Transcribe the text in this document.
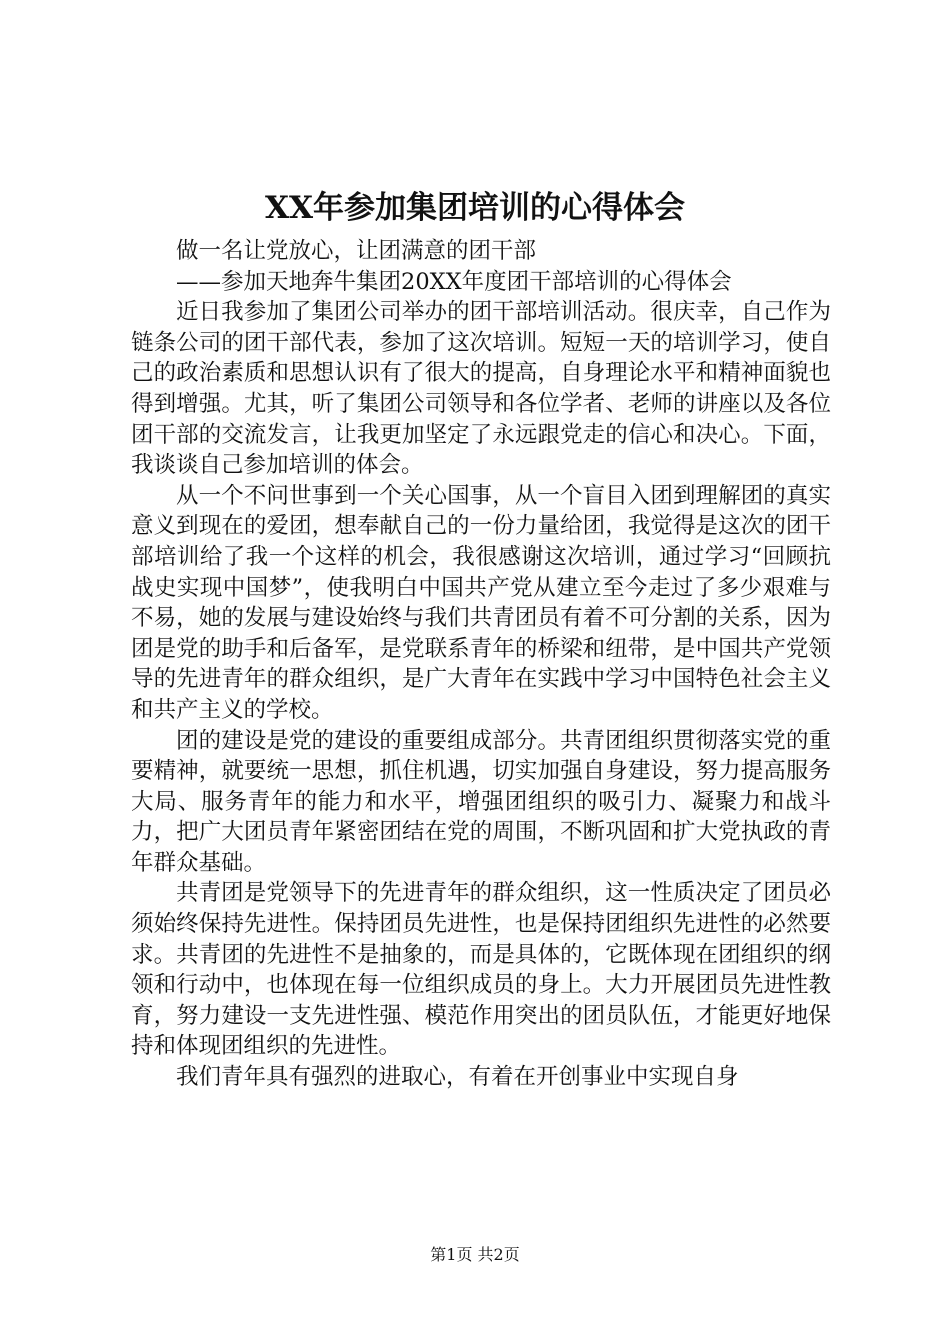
XX年参加集团培训的心得体会

做一名让党放心，让团满意的团干部

——参加天地奔牛集团20XX年度团干部培训的心得体会

近日我参加了集团公司举办的团干部培训活动。很庆幸，自己作为链条公司的团干部代表，参加了这次培训。短短一天的培训学习，使自己的政治素质和思想认识有了很大的提高，自身理论水平和精神面貌也得到增强。尤其，听了集团公司领导和各位学者、老师的讲座以及各位团干部的交流发言，让我更加坚定了永远跟党走的信心和决心。下面，我谈谈自己参加培训的体会。

从一个不问世事到一个关心国事，从一个盲目入团到理解团的真实意义到现在的爱团，想奉献自己的一份力量给团，我觉得是这次的团干部培训给了我一个这样的机会，我很感谢这次培训，通过学习“回顾抗战史实现中国梦”，使我明白中国共产党从建立至今走过了多少艰难与不易，她的发展与建设始终与我们共青团员有着不可分割的关系，因为团是党的助手和后备军，是党联系青年的桥梁和纽带，是中国共产党领导的先进青年的群众组织，是广大青年在实践中学习中国特色社会主义和共产主义的学校。

团的建设是党的建设的重要组成部分。共青团组织贯彻落实党的重要精神，就要统一思想，抓住机遇，切实加强自身建设，努力提高服务大局、服务青年的能力和水平，增强团组织的吸引力、凝聚力和战斗力，把广大团员青年紧密团结在党的周围，不断巩固和扩大党执政的青年群众基础。

共青团是党领导下的先进青年的群众组织，这一性质决定了团员必须始终保持先进性。保持团员先进性，也是保持团组织先进性的必然要求。共青团的先进性不是抽象的，而是具体的，它既体现在团组织的纲领和行动中，也体现在每一位组织成员的身上。大力开展团员先进性教育，努力建设一支先进性强、模范作用突出的团员队伍，才能更好地保持和体现团组织的先进性。

我们青年具有强烈的进取心，有着在开创事业中实现自身

第1页 共2页
